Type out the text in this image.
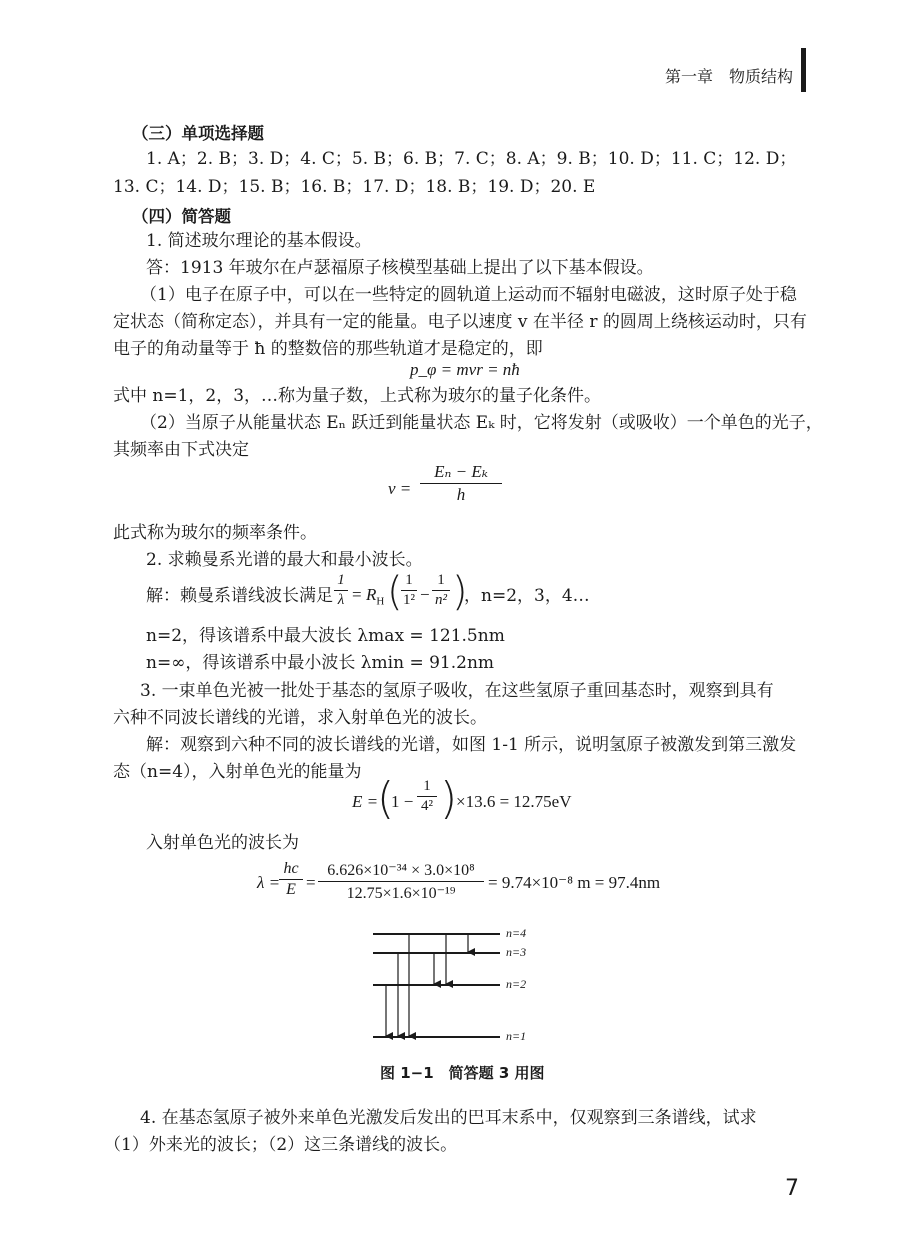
第一章　物质结构
（三）单项选择题
1. A；2. B；3. D；4. C；5. B；6. B；7. C；8. A；9. B；10. D；11. C；12. D；
13. C；14. D；15. B；16. B；17. D；18. B；19. D；20. E
（四）简答题
1. 简述玻尔理论的基本假设。
答：1913 年玻尔在卢瑟福原子核模型基础上提出了以下基本假设。
（1）电子在原子中，可以在一些特定的圆轨道上运动而不辐射电磁波，这时原子处于稳
定状态（简称定态），并具有一定的能量。电子以速度 v 在半径 r 的圆周上绕核运动时，只有
电子的角动量等于 ħ 的整数倍的那些轨道才是稳定的，即
p_φ = mvr = nħ
式中 n=1，2，3，…称为量子数，上式称为玻尔的量子化条件。
（2）当原子从能量状态 Eₙ 跃迁到能量状态 Eₖ 时，它将发射（或吸收）一个单色的光子，
其频率由下式决定
ν =
Eₙ − Eₖ
h
此式称为玻尔的频率条件。
2. 求赖曼系光谱的最大和最小波长。
解：赖曼系谱线波长满足
1
$\lambda = R_H$ ( 1
1² −
1
n² )
，n=2，3，4…
n=2，得该谱系中最大波长 λmax = 121.5nm
n=∞，得该谱系中最小波长 λmin = 91.2nm
3. 一束单色光被一批处于基态的氢原子吸收，在这些氢原子重回基态时，观察到具有
六种不同波长谱线的光谱，求入射单色光的波长。
解：观察到六种不同的波长谱线的光谱，如图 1-1 所示，说明氢原子被激发到第三激发
态（n=4），入射单色光的能量为
E =
(
1 −
1
4² )
×13.6 = 12.75eV
入射单色光的波长为
λ =
hc
E =
6.626×10⁻³⁴ × 3.0×10⁸
12.75×1.6×10⁻¹⁹
= 9.74×10⁻⁸ m = 97.4nm
n=4
n=3
n=2
n=1
图 1−1　简答题 3 用图
4. 在基态氢原子被外来单色光激发后发出的巴耳末系中，仅观察到三条谱线，试求
（1）外来光的波长；（2）这三条谱线的波长。
7
